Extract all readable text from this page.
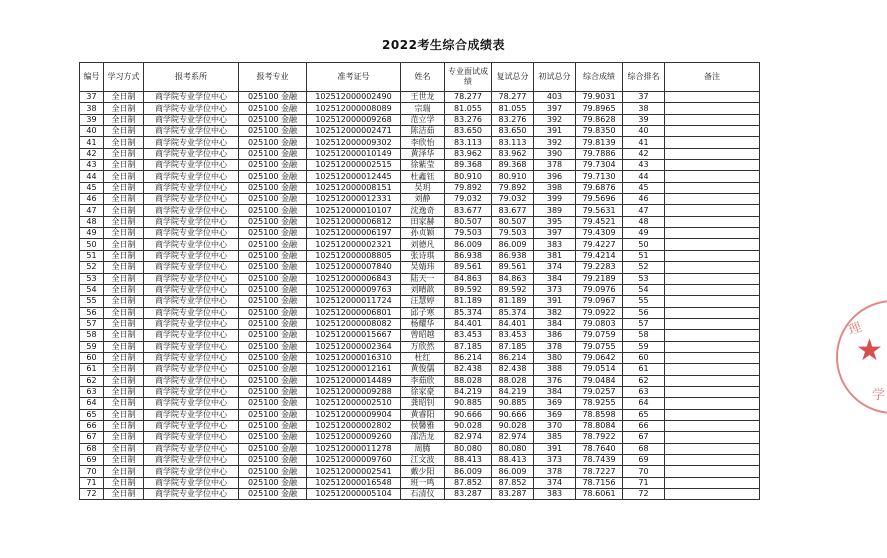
2022考生综合成绩表
编号	学习方式	报考系所	报考专业	准考证号	姓名	专业面试成绩	复试总分	初试总分	综合成绩	综合排名	备注
37	全日制	商学院专业学位中心	025100 金融	102512000002490	王世龙	78.277	78.277	403	79.9031	37	
38	全日制	商学院专业学位中心	025100 金融	102512000008089	宗瑞	81.055	81.055	397	79.8965	38	
39	全日制	商学院专业学位中心	025100 金融	102512000009268	范立学	83.276	83.276	392	79.8628	39	
40	全日制	商学院专业学位中心	025100 金融	102512000002471	陈洁茹	83.650	83.650	391	79.8350	40	
41	全日制	商学院专业学位中心	025100 金融	102512000009302	李欣怡	83.113	83.113	392	79.8139	41	
42	全日制	商学院专业学位中心	025100 金融	102512000010149	黄泽华	83.962	83.962	390	79.7886	42	
43	全日制	商学院专业学位中心	025100 金融	102512000002515	徐紫莹	89.368	89.368	378	79.7304	43	
44	全日制	商学院专业学位中心	025100 金融	102512000012445	杜鑫钰	80.910	80.910	396	79.7130	44	
45	全日制	商学院专业学位中心	025100 金融	102512000008151	吴玥	79.892	79.892	398	79.6876	45	
46	全日制	商学院专业学位中心	025100 金融	102512000012331	刘静	79.032	79.032	399	79.5696	46	
47	全日制	商学院专业学位中心	025100 金融	102512000010107	沈逸奇	83.677	83.677	389	79.5631	47	
48	全日制	商学院专业学位中心	025100 金融	102512000006812	田家赫	80.507	80.507	395	79.4521	48	
49	全日制	商学院专业学位中心	025100 金融	102512000006197	孙贞颖	79.503	79.503	397	79.4309	49	
50	全日制	商学院专业学位中心	025100 金融	102512000002321	刘德凡	86.009	86.009	383	79.4227	50	
51	全日制	商学院专业学位中心	025100 金融	102512000008805	张诗琪	86.938	86.938	381	79.4214	51	
52	全日制	商学院专业学位中心	025100 金融	102512000007840	吴婧玮	89.561	89.561	374	79.2283	52	
53	全日制	商学院专业学位中心	025100 金融	102512000006843	陆天一	84.863	84.863	384	79.2189	53	
54	全日制	商学院专业学位中心	025100 金融	102512000009763	刘晴歆	89.592	89.592	373	79.0976	54	
55	全日制	商学院专业学位中心	025100 金融	102512000011724	汪慧婷	81.189	81.189	391	79.0967	55	
56	全日制	商学院专业学位中心	025100 金融	102512000006801	邱子寒	85.374	85.374	382	79.0922	56	
57	全日制	商学院专业学位中心	025100 金融	102512000008082	杨耀华	84.401	84.401	384	79.0803	57	
58	全日制	商学院专业学位中心	025100 金融	102512000015667	曾昭越	83.453	83.453	386	79.0759	58	
59	全日制	商学院专业学位中心	025100 金融	102512000002364	万欣然	87.185	87.185	378	79.0755	59	
60	全日制	商学院专业学位中心	025100 金融	102512000016310	杜红	86.214	86.214	380	79.0642	60	
61	全日制	商学院专业学位中心	025100 金融	102512000012161	黄俊儒	82.438	82.438	388	79.0514	61	
62	全日制	商学院专业学位中心	025100 金融	102512000014489	李茹欣	88.028	88.028	376	79.0484	62	
63	全日制	商学院专业学位中心	025100 金融	102512000009288	徐家豪	84.219	84.219	384	79.0257	63	
64	全日制	商学院专业学位中心	025100 金融	102512000002510	龚昭钊	90.885	90.885	369	78.9255	64	
65	全日制	商学院专业学位中心	025100 金融	102512000009904	黄睿阳	90.666	90.666	369	78.8598	65	
66	全日制	商学院专业学位中心	025100 金融	102512000002802	侯馨雅	90.028	90.028	370	78.8084	66	
67	全日制	商学院专业学位中心	025100 金融	102512000009260	邵浩龙	82.974	82.974	385	78.7922	67	
68	全日制	商学院专业学位中心	025100 金融	102512000011278	周腾	80.080	80.080	391	78.7640	68	
69	全日制	商学院专业学位中心	025100 金融	102512000009760	江文波	88.413	88.413	373	78.7439	69	
70	全日制	商学院专业学位中心	025100 金融	102512000002541	戴少阳	86.009	86.009	378	78.7227	70	
71	全日制	商学院专业学位中心	025100 金融	102512000016548	班一鸣	87.852	87.852	374	78.7156	71	
72	全日制	商学院专业学位中心	025100 金融	102512000005104	石清仪	83.287	83.287	383	78.6061	72	
理
★
学
